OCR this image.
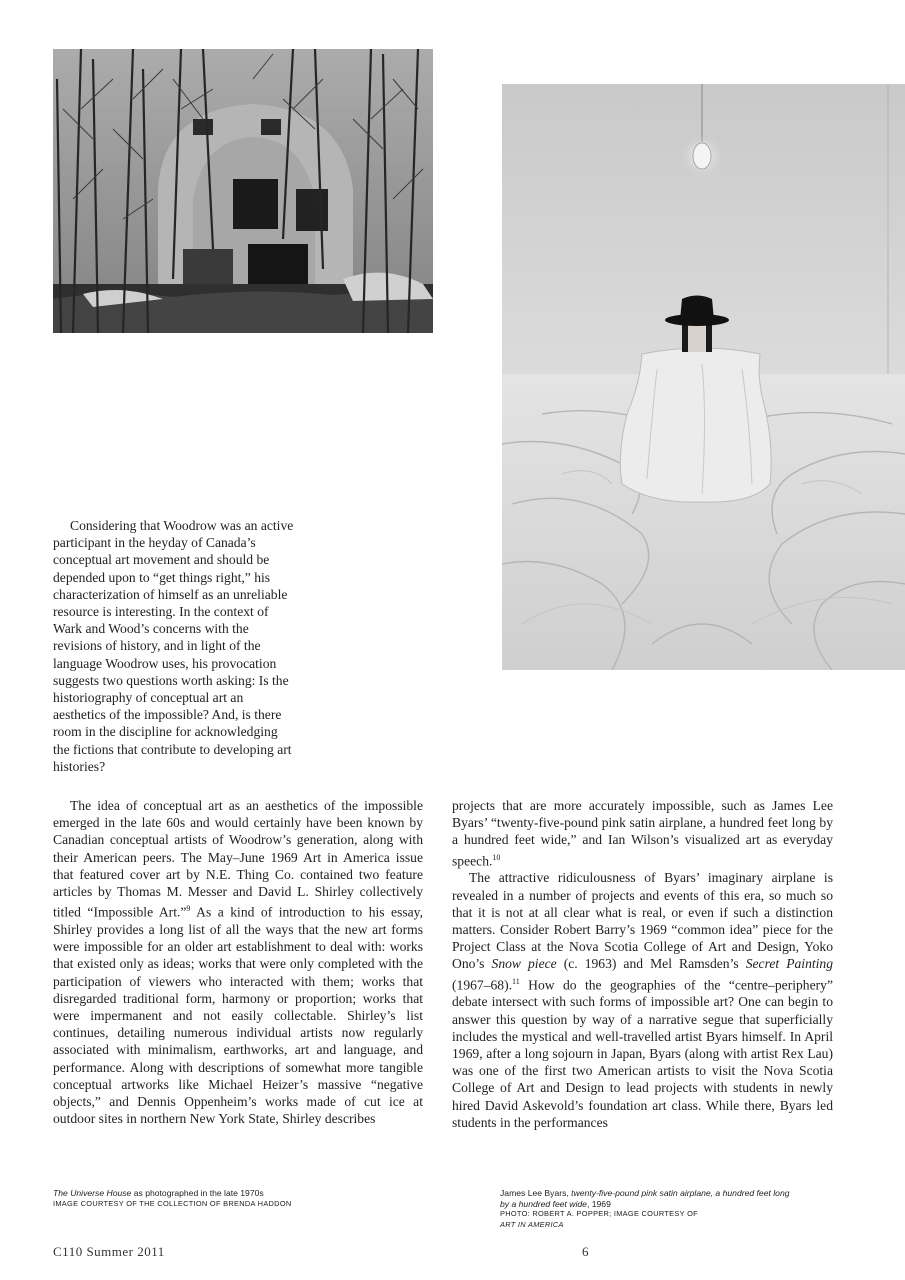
Considering that Woodrow was an active participant in the heyday of Canada’s conceptual art movement and should be depended upon to “get things right,” his characterization of himself as an unreliable resource is interesting. In the context of Wark and Wood’s concerns with the revisions of history, and in light of the language Woodrow uses, his provocation suggests two questions worth asking: Is the historiography of conceptual art an aesthetics of the impossible? And, is there room in the discipline for acknowledging the fictions that contribute to developing art histories?

The idea of conceptual art as an aesthetics of the impossible emerged in the late 60s and would certainly have been known by Canadian conceptual artists of Woodrow’s generation, along with their American peers. The May–June 1969 Art in America issue that featured cover art by N.E. Thing Co. contained two feature articles by Thomas M. Messer and David L. Shirley collectively titled “Impossible Art.”$^9$ As a kind of introduction to his essay, Shirley provides a long list of all the ways that the new art forms were impossible for an older art establishment to deal with: works that existed only as ideas; works that were only completed with the participation of viewers who interacted with them; works that disregarded traditional form, harmony or proportion; works that were impermanent and not easily collectable. Shirley’s list continues, detailing numerous individual artists now regularly associated with minimalism, earthworks, art and language, and performance. Along with descriptions of somewhat more tangible conceptual artworks like Michael Heizer’s massive “negative objects,” and Dennis Oppenheim’s works made of cut ice at outdoor sites in northern New York State, Shirley describes

projects that are more accurately impossible, such as James Lee Byars’ “twenty-five-pound pink satin airplane, a hundred feet long by a hundred feet wide,” and Ian Wilson’s visualized art as everyday speech.$^{10}$

The attractive ridiculousness of Byars’ imaginary airplane is revealed in a number of projects and events of this era, so much so that it is not at all clear what is real, or even if such a distinction matters. Consider Robert Barry’s 1969 “common idea” piece for the Project Class at the Nova Scotia College of Art and Design, Yoko Ono’s Snow piece (c. 1963) and Mel Ramsden’s Secret Painting (1967–68).$^{11}$ How do the geographies of the “centre–periphery” debate intersect with such forms of impossible art? One can begin to answer this question by way of a narrative segue that superficially includes the mystical and well-travelled artist Byars himself. In April 1969, after a long sojourn in Japan, Byars (along with artist Rex Lau) was one of the first two American artists to visit the Nova Scotia College of Art and Design to lead projects with students in newly hired David Askevold’s foundation art class. While there, Byars led students in the performances

The Universe House as photographed in the late 1970s
IMAGE COURTESY OF THE COLLECTION OF BRENDA HADDON
James Lee Byars, twenty-five-pound pink satin airplane, a hundred feet long by a hundred feet wide, 1969
PHOTO: ROBERT A. POPPER; IMAGE COURTESY OF
ART IN AMERICA
C110 Summer 2011	6
